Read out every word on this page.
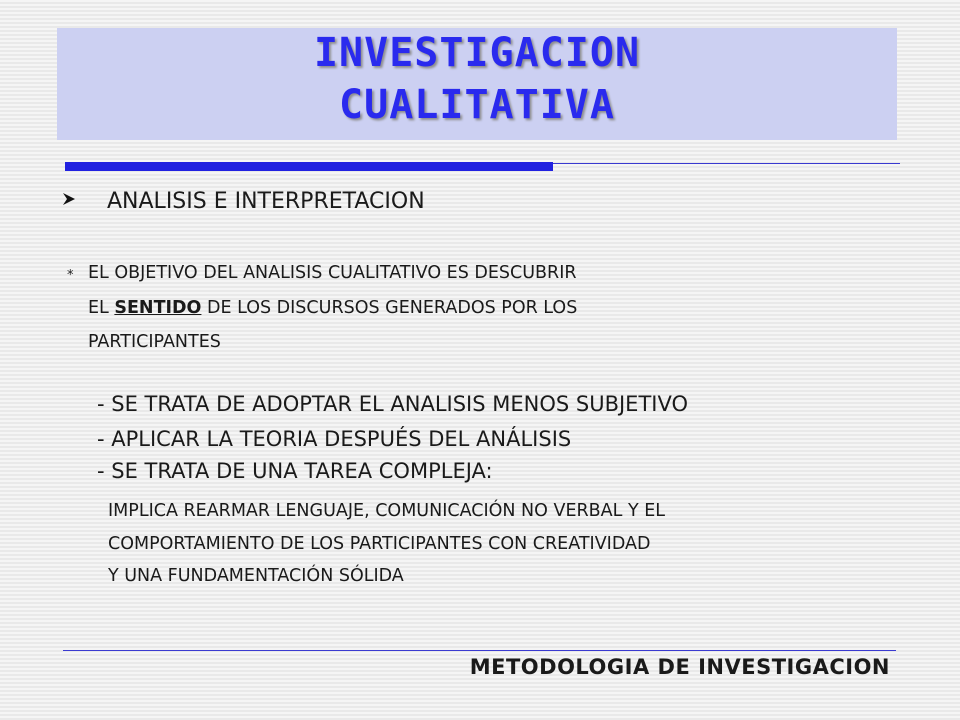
INVESTIGACION
CUALITATIVA
ANALISIS E INTERPRETACION
* EL OBJETIVO DEL ANALISIS CUALITATIVO ES DESCUBRIR
EL SENTIDO DE LOS DISCURSOS GENERADOS POR LOS
PARTICIPANTES
- SE TRATA DE ADOPTAR EL ANALISIS MENOS SUBJETIVO
- APLICAR LA TEORIA DESPUÉS DEL ANÁLISIS
- SE TRATA DE UNA TAREA COMPLEJA:
IMPLICA REARMAR LENGUAJE, COMUNICACIÓN NO VERBAL Y EL
COMPORTAMIENTO DE LOS PARTICIPANTES CON CREATIVIDAD
Y UNA FUNDAMENTACIÓN SÓLIDA
METODOLOGIA DE INVESTIGACION
